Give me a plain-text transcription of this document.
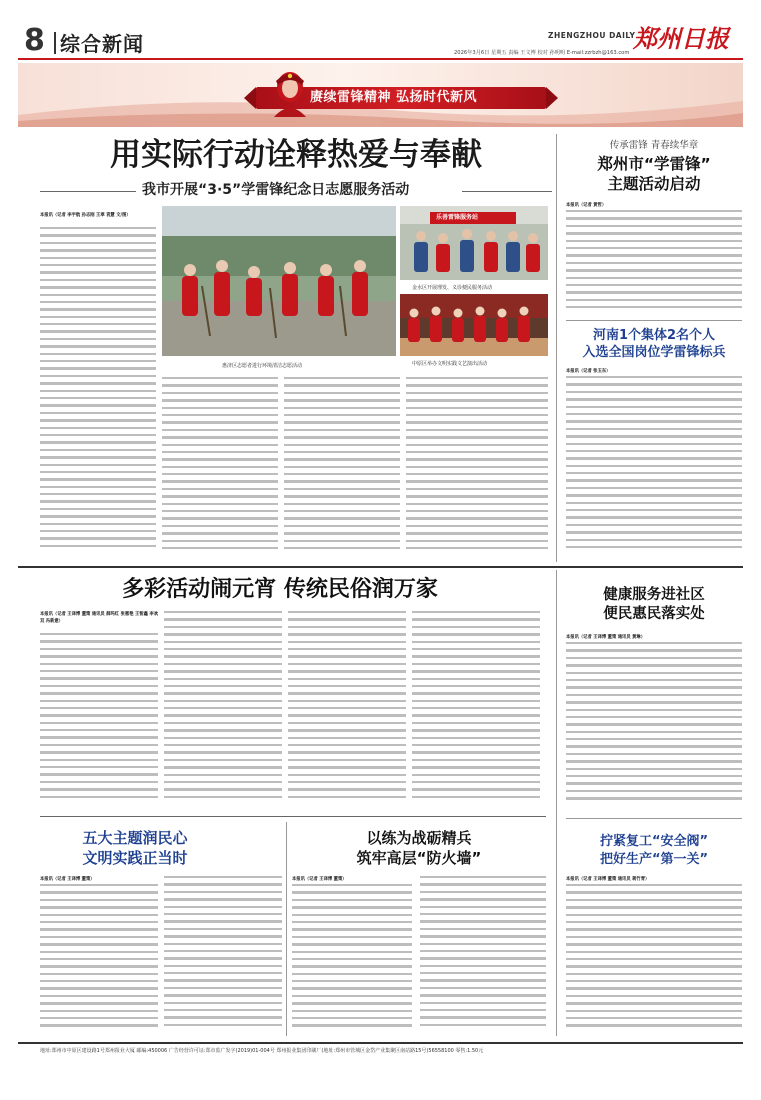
8 综合新闻	ZHENGZHOU DAILY
郑州日报
2026年3月6日 星期五 责编 王文博 校对 孙明明 E-mail:zzrbzh@163.com
赓续雷锋精神 弘扬时代新风
用实际行动诠释热爱与奉献
我市开展“3·5”学雷锋纪念日志愿服务活动
本报讯（记者 李宇航 孙志刚 王翠 袁慧 文/图）
惠济区志愿者进行环境清洁志愿活动
乐善雷锋服务站
金水区开展理发、义诊便民服务活动
中原区举办文明实践文艺演出活动
传承雷锋 青春续华章
郑州市“学雷锋”
主题活动启动
本报讯（记者 黄哲）
河南1个集体2名个人
入选全国岗位学雷锋标兵
本报讯（记者 张玉东）
多彩活动闹元宵 传统民俗润万家
本报讯（记者 王译博 董策 通讯员 薛玛红 张惠艳 王智鑫 李欢双 冯新意）
健康服务进社区
便民惠民落实处
本报讯（记者 王译博 董策 通讯员 黄琳）
五大主题润民心
文明实践正当时
本报讯（记者 王译博 董策）
以练为战砺精兵
筑牢高层“防火墙”
本报讯（记者 王译博 董策）
拧紧复工“安全阀”
把好生产“第一关”
本报讯（记者 王译博 董策 通讯员 蒋竹青）
地址:郑州市中原区建设路1号郑州报业大厦 邮编:450006 广告经营许可证:郑市监广发字(2019)01-004号 郑州报业集团印刷厂(地址:郑州市管城区金岱产业集聚区南站路15号)56558100 零售:1.50元
